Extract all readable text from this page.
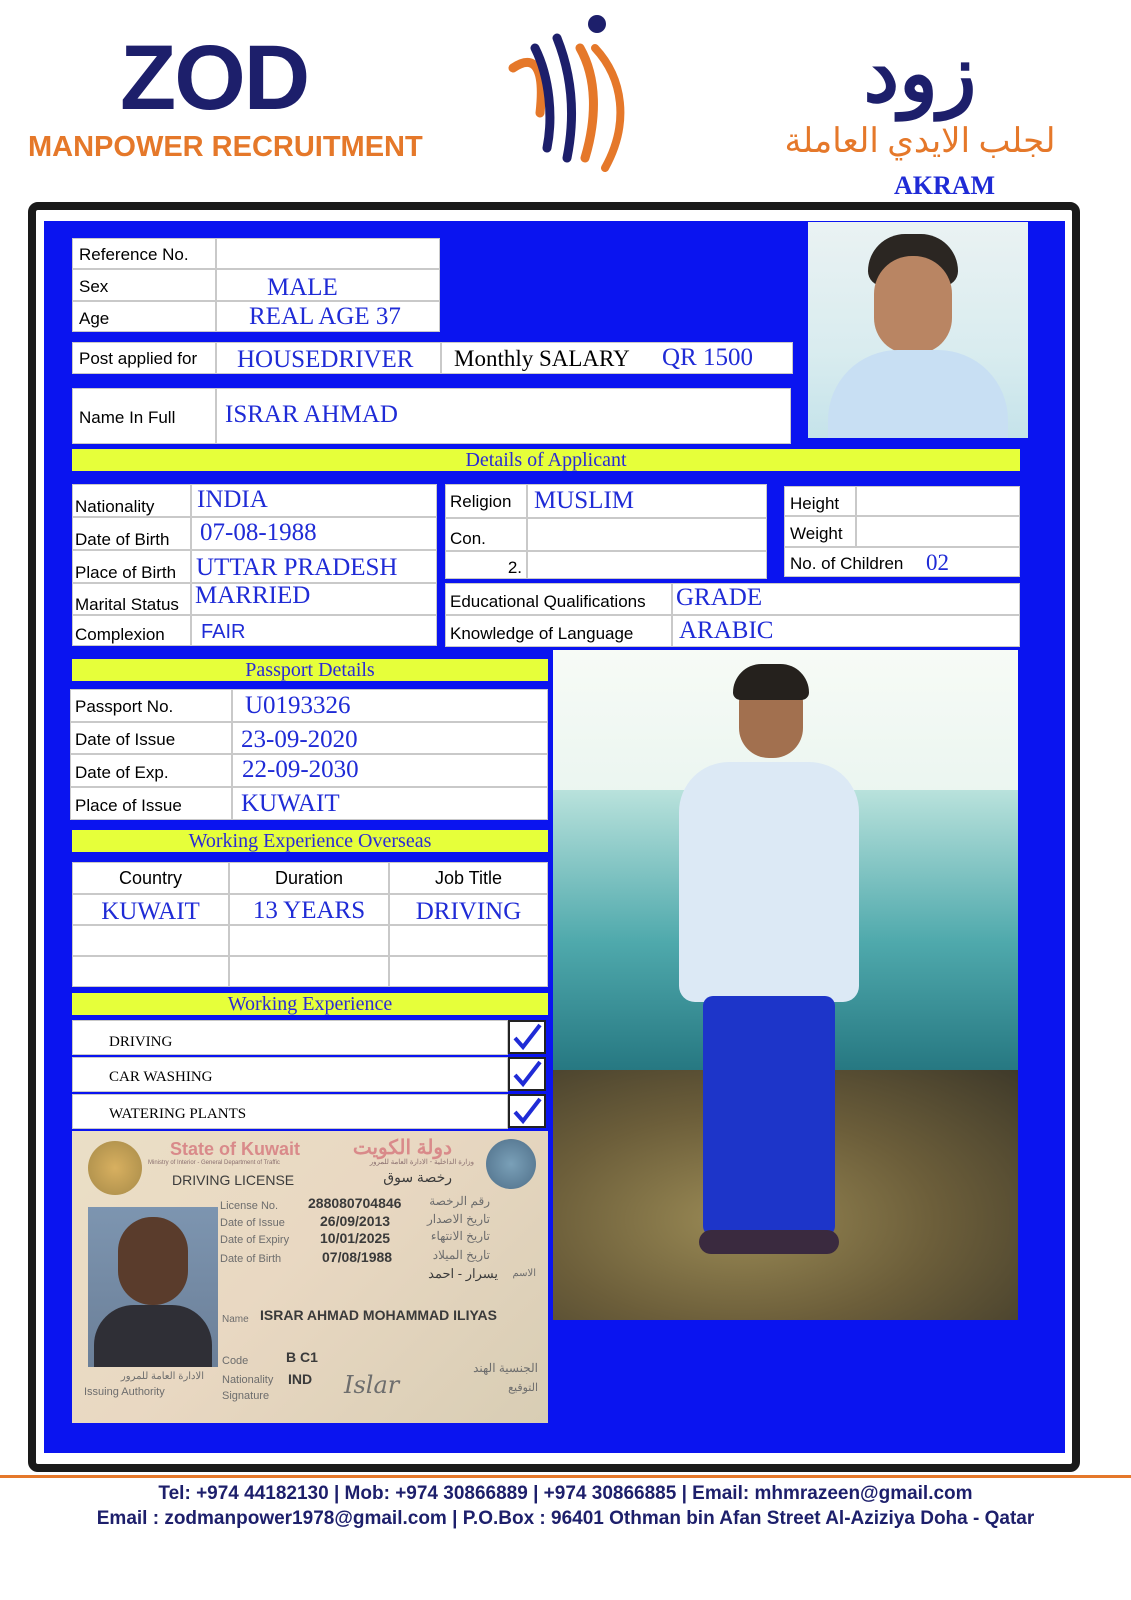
ZOD
MANPOWER RECRUITMENT
زود
لجلب الايدي العاملة
AKRAM
Reference No.
Sex	MALE
Age	REAL AGE 37
Post applied for HOUSEDRIVER Monthly SALARY QR 1500
Name In Full ISRAR AHMAD
Details of Applicant
Nationality INDIA
Date of Birth 07-08-1988
Place of Birth UTTAR PRADESH
Marital Status MARRIED
Complexion FAIR
Religion MUSLIM
Con.
2.
Height
Weight
No. of Children 02
Educational Qualifications GRADE
Knowledge of Language ARABIC
Passport Details
Passport No.	U0193326
Date of Issue	23-09-2020
Date of Exp.	22-09-2030
Place of Issue KUWAIT
Working Experience Overseas
Country	Duration	Job Title
KUWAIT	13 YEARS	DRIVING
Working Experience
DRIVING
CAR WASHING
WATERING PLANTS
State of Kuwait	دولة الكويت
Ministry of Interior - General Department of Traffic	وزارة الداخلية - الادارة العامة للمرور
DRIVING LICENSE	رخصة سوق
License No. 288080704846	رقم الرخصة
Date of Issue	26/09/2013	تاريخ الاصدار
Date of Expiry 10/01/2025	تاريخ الانتهاء
Date of Birth	07/08/1988	تاريخ الميلاد
يسرار - احمد	الاسم
Name ISRAR AHMAD MOHAMMAD ILIYAS
Code	B C1
Nationality IND
Signature
الجنسية الهند
التوقيع
الادارة العامة للمرور
Issuing Authority	Islar
Tel: +974 44182130 | Mob: +974 30866889 | +974 30866885 | Email: mhmrazeen@gmail.com
Email : zodmanpower1978@gmail.com | P.O.Box : 96401 Othman bin Afan Street Al-Aziziya Doha - Qatar
